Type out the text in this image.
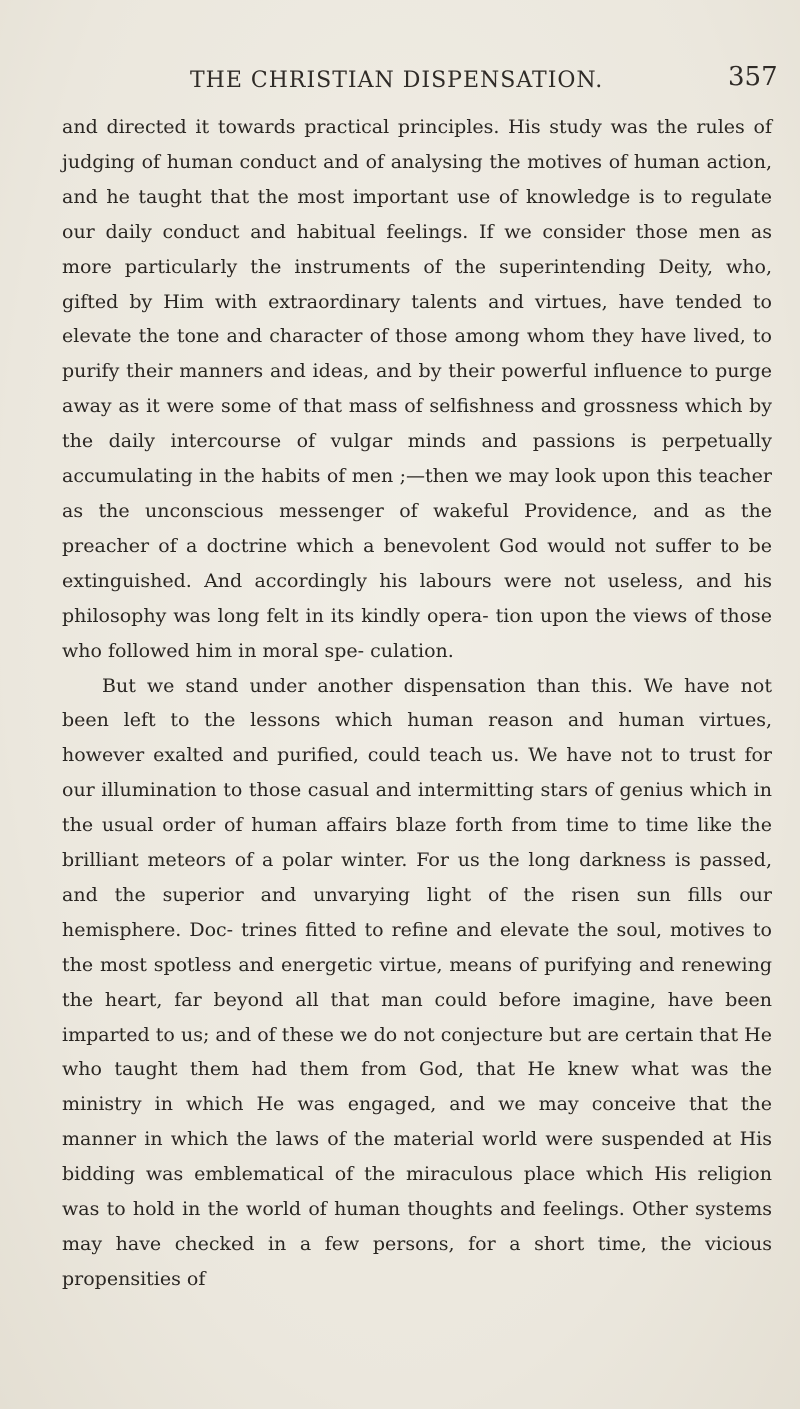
THE CHRISTIAN DISPENSATION.	357

and directed it towards practical principles. His study was the rules of judging of human conduct and of analysing the motives of human action, and he taught that the most important use of knowledge is to regulate our daily conduct and habitual feelings. If we consider those men as more particularly the instruments of the superintending Deity, who, gifted by Him with extraordinary talents and virtues, have tended to elevate the tone and character of those among whom they have lived, to purify their manners and ideas, and by their powerful influence to purge away as it were some of that mass of selfishness and grossness which by the daily intercourse of vulgar minds and passions is perpetually accumulating in the habits of men ;—then we may look upon this teacher as the unconscious messenger of wakeful Providence, and as the preacher of a doctrine which a benevolent God would not suffer to be extinguished. And accordingly his labours were not useless, and his philosophy was long felt in its kindly opera- tion upon the views of those who followed him in moral spe- culation.

But we stand under another dispensation than this. We have not been left to the lessons which human reason and human virtues, however exalted and purified, could teach us. We have not to trust for our illumination to those casual and intermitting stars of genius which in the usual order of human affairs blaze forth from time to time like the brilliant meteors of a polar winter. For us the long darkness is passed, and the superior and unvarying light of the risen sun fills our hemisphere. Doc- trines fitted to refine and elevate the soul, motives to the most spotless and energetic virtue, means of purifying and renewing the heart, far beyond all that man could before imagine, have been imparted to us; and of these we do not conjecture but are certain that He who taught them had them from God, that He knew what was the ministry in which He was engaged, and we may conceive that the manner in which the laws of the material world were suspended at His bidding was emblematical of the miraculous place which His religion was to hold in the world of human thoughts and feelings. Other systems may have checked in a few persons, for a short time, the vicious propensities of
